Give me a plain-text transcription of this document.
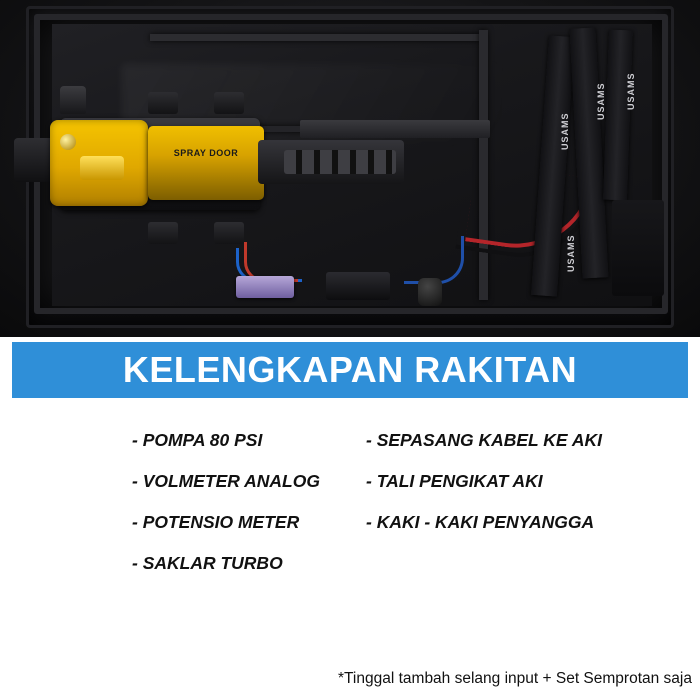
SPRAY DOOR
USAMS
USAMS USAMS
USAMS
KELENGKAPAN RAKITAN
- POMPA 80 PSI
- VOLMETER ANALOG
- POTENSIO METER
- SAKLAR TURBO
- SEPASANG KABEL KE AKI
- TALI PENGIKAT AKI
- KAKI - KAKI PENYANGGA
*Tinggal tambah selang input + Set Semprotan saja
